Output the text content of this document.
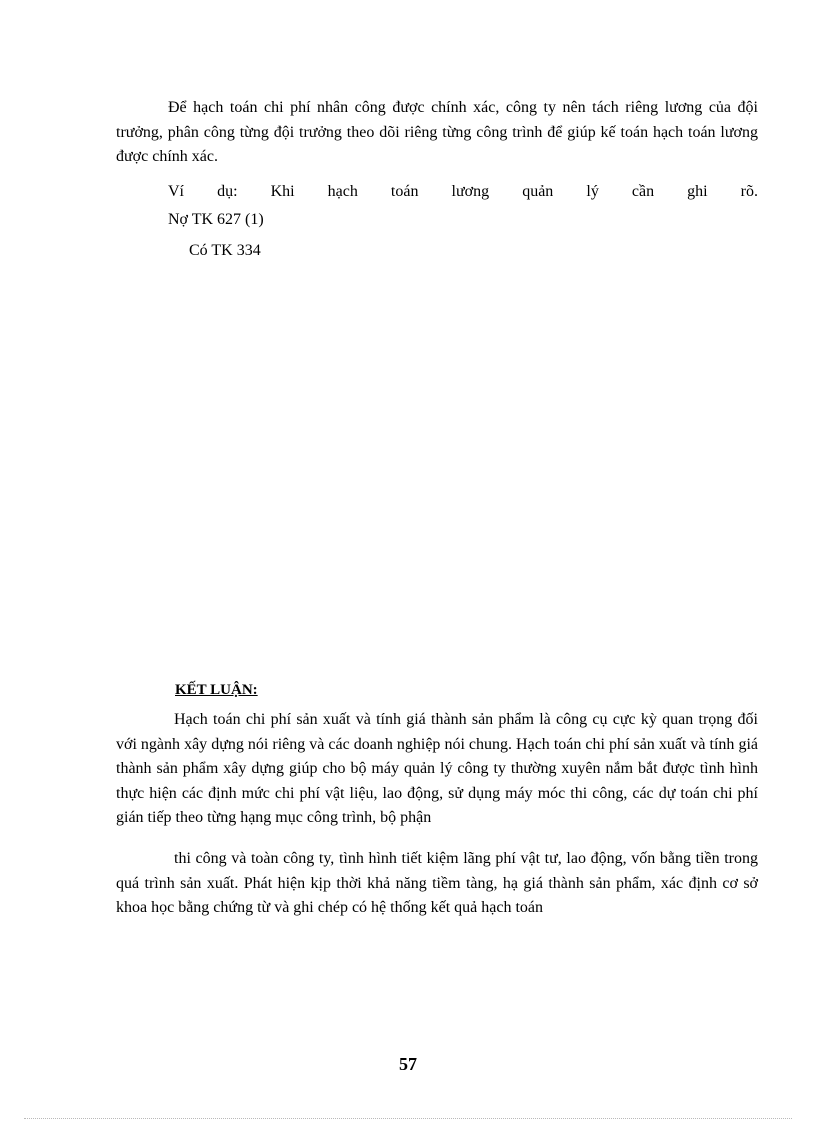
Để hạch toán chi phí nhân công được chính xác, công ty nên tách riêng lương của đội trưởng, phân công từng đội trưởng theo dõi riêng từng công trình để giúp kế toán hạch toán lương được chính xác.

Ví dụ: Khi hạch toán lương quản lý cần ghi rõ.

Nợ TK 627 (1)

Có TK 334

KẾT LUẬN:

Hạch toán chi phí sản xuất và tính giá thành sản phẩm là công cụ cực kỳ quan trọng đối với ngành xây dựng nói riêng và các doanh nghiệp nói chung. Hạch toán chi phí sản xuất và tính giá thành sản phẩm xây dựng giúp cho bộ máy quản lý công ty thường xuyên nắm bắt được tình hình thực hiện các định mức chi phí vật liệu, lao động, sử dụng máy móc thi công, các dự toán chi phí gián tiếp theo từng hạng mục công trình, bộ phận

thi công và toàn công ty, tình hình tiết kiệm lãng phí vật tư, lao động, vốn bằng tiền trong quá trình sản xuất. Phát hiện kịp thời khả năng tiềm tàng, hạ giá thành sản phẩm, xác định cơ sở khoa học bằng chứng từ và ghi chép có hệ thống kết quả hạch toán

57
